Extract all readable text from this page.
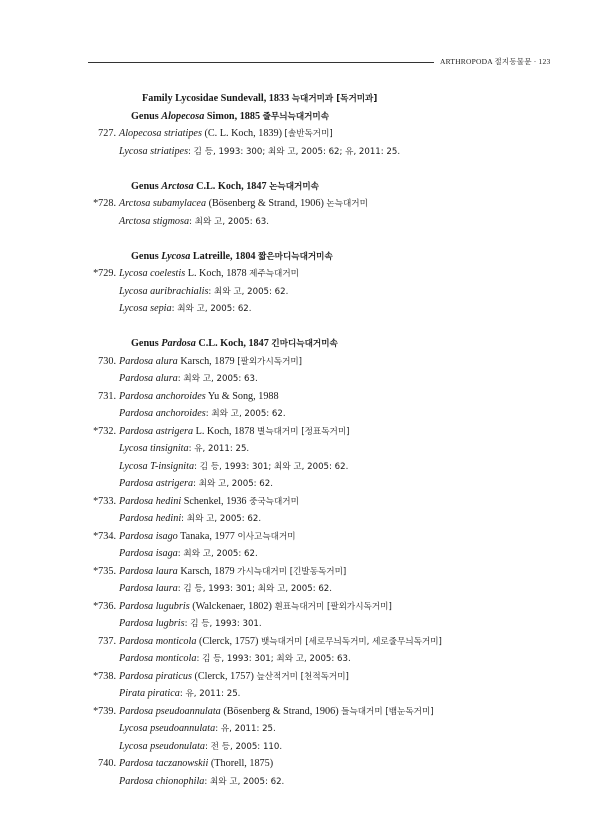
ARTHROPODA 절지동물문 · 123
Family Lycosidae Sundevall, 1833 늑대거미과 [독거미과]
Genus Alopecosa Simon, 1885 줄무늬늑대거미속
727. Alopecosa striatipes (C. L. Koch, 1839) [솔반독거미]
Lycosa striatipes: 김 등, 1993: 300; 최와 고, 2005: 62; 유, 2011: 25.
Genus Arctosa C.L. Koch, 1847 논늑대거미속
*728. Arctosa subamylacea (Bösenberg & Strand, 1906) 논늑대거미
Arctosa stigmosa: 최와 고, 2005: 63.
Genus Lycosa Latreille, 1804 짧은마디늑대거미속
*729. Lycosa coelestis L. Koch, 1878 제주늑대거미
Lycosa auribrachialis: 최와 고, 2005: 62.
Lycosa sepia: 최와 고, 2005: 62.
Genus Pardosa C.L. Koch, 1847 긴마디늑대거미속
730. Pardosa alura Karsch, 1879 [팔외가시독거미]
Pardosa alura: 최와 고, 2005: 63.
731. Pardosa anchoroides Yu & Song, 1988
Pardosa anchoroides: 최와 고, 2005: 62.
*732. Pardosa astrigera L. Koch, 1878 별늑대거미 [정표독거미]
Lycosa tinsignita: 유, 2011: 25.
Lycosa T-insignita: 김 등, 1993: 301; 최와 고, 2005: 62.
Pardosa astrigera: 최와 고, 2005: 62.
*733. Pardosa hedini Schenkel, 1936 중국늑대거미
Pardosa hedini: 최와 고, 2005: 62.
*734. Pardosa isago Tanaka, 1977 이사고늑대거미
Pardosa isaga: 최와 고, 2005: 62.
*735. Pardosa laura Karsch, 1879 가시늑대거미 [긴발동독거미]
Pardosa laura: 김 등, 1993: 301; 최와 고, 2005: 62.
*736. Pardosa lugubris (Walckenaer, 1802) 흰표늑대거미 [팔외가시독거미]
Pardosa lugbris: 김 등, 1993: 301.
737. Pardosa monticola (Clerck, 1757) 뱃늑대거미 [세로무늬독거미, 세로줄무늬독거미]
Pardosa monticola: 김 등, 1993: 301; 최와 고, 2005: 63.
*738. Pardosa piraticus (Clerck, 1757) 늪산적거미 [천적독거미]
Pirata piratica: 유, 2011: 25.
*739. Pardosa pseudoannulata (Bösenberg & Strand, 1906) 들늑대거미 [뱀눈독거미]
Lycosa pseudoannulata: 유, 2011: 25.
Lycosa pseudonulata: 전 등, 2005: 110.
740. Pardosa taczanowskii (Thorell, 1875)
Pardosa chionophila: 최와 고, 2005: 62.
